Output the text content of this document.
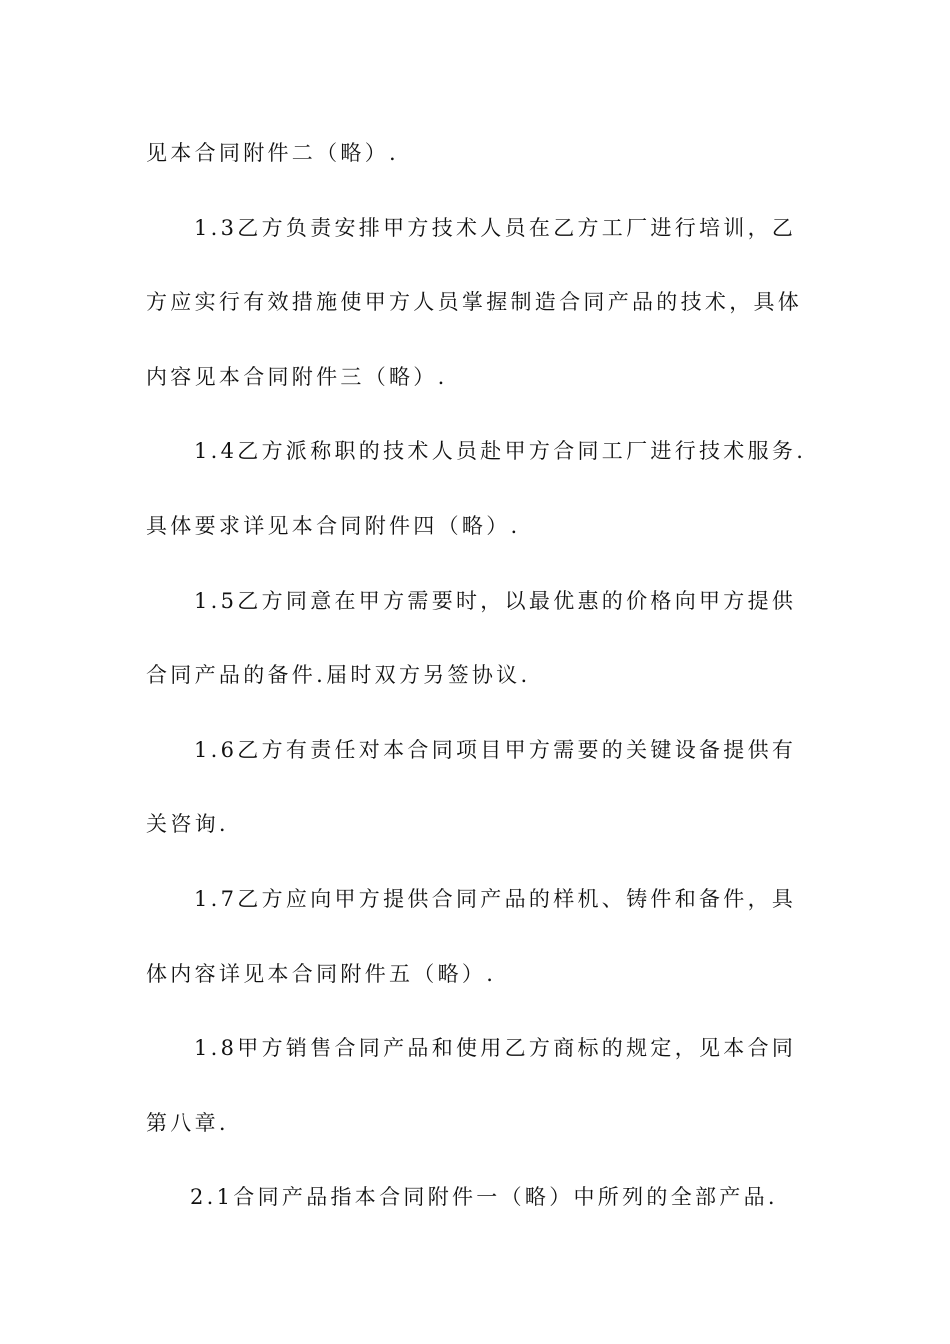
见本合同附件二（略）.
1.3乙方负责安排甲方技术人员在乙方工厂进行培训，乙
方应实行有效措施使甲方人员掌握制造合同产品的技术，具体
内容见本合同附件三（略）.
1.4乙方派称职的技术人员赴甲方合同工厂进行技术服务.
具体要求详见本合同附件四（略）.
1.5乙方同意在甲方需要时，以最优惠的价格向甲方提供
合同产品的备件.届时双方另签协议.
1.6乙方有责任对本合同项目甲方需要的关键设备提供有
关咨询.
1.7乙方应向甲方提供合同产品的样机、铸件和备件，具
体内容详见本合同附件五（略）.
1.8甲方销售合同产品和使用乙方商标的规定，见本合同
第八章.
2.1合同产品指本合同附件一（略）中所列的全部产品.
